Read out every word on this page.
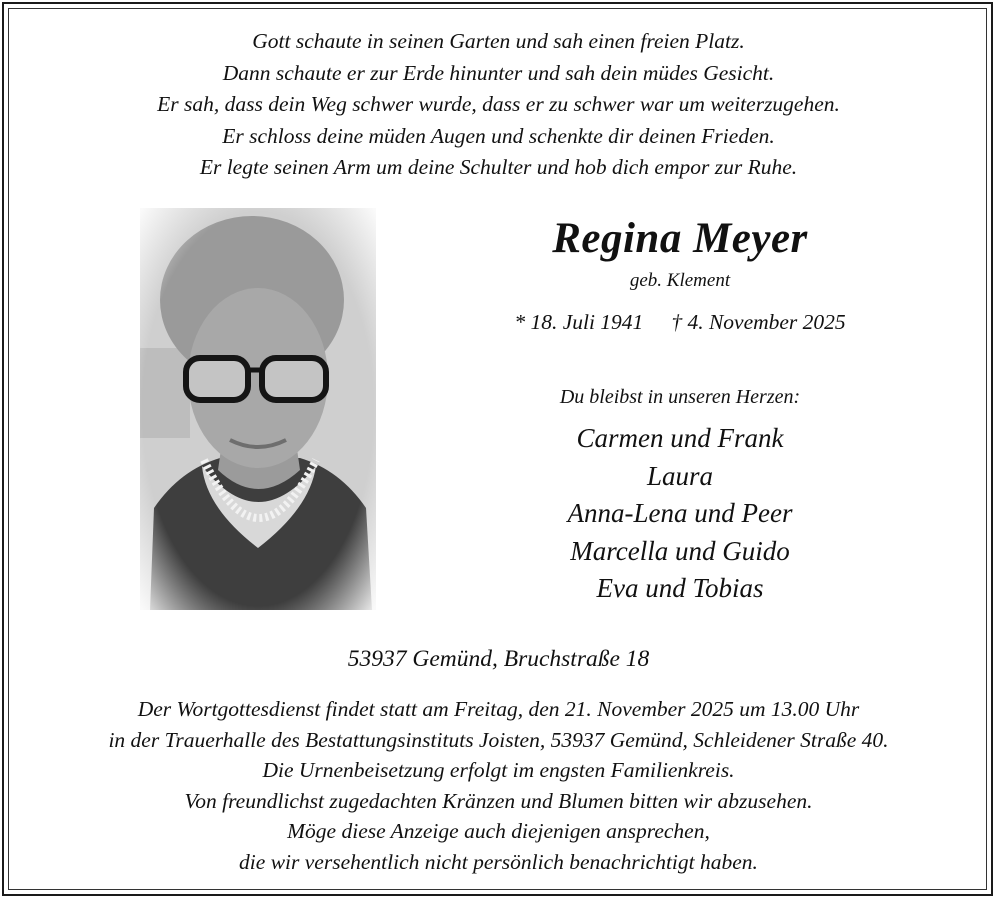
Gott schaute in seinen Garten und sah einen freien Platz.
Dann schaute er zur Erde hinunter und sah dein müdes Gesicht.
Er sah, dass dein Weg schwer wurde, dass er zu schwer war um weiterzugehen.
Er schloss deine müden Augen und schenkte dir deinen Frieden.
Er legte seinen Arm um deine Schulter und hob dich empor zur Ruhe.
Regina Meyer
geb. Klement
* 18. Juli 1941 † 4. November 2025
Du bleibst in unseren Herzen:
Carmen und Frank
Laura
Anna-Lena und Peer
Marcella und Guido
Eva und Tobias
53937 Gemünd, Bruchstraße 18
Der Wortgottesdienst findet statt am Freitag, den 21. November 2025 um 13.00 Uhr
in der Trauerhalle des Bestattungsinstituts Joisten, 53937 Gemünd, Schleidener Straße 40.
Die Urnenbeisetzung erfolgt im engsten Familienkreis.
Von freundlichst zugedachten Kränzen und Blumen bitten wir abzusehen.
Möge diese Anzeige auch diejenigen ansprechen,
die wir versehentlich nicht persönlich benachrichtigt haben.
